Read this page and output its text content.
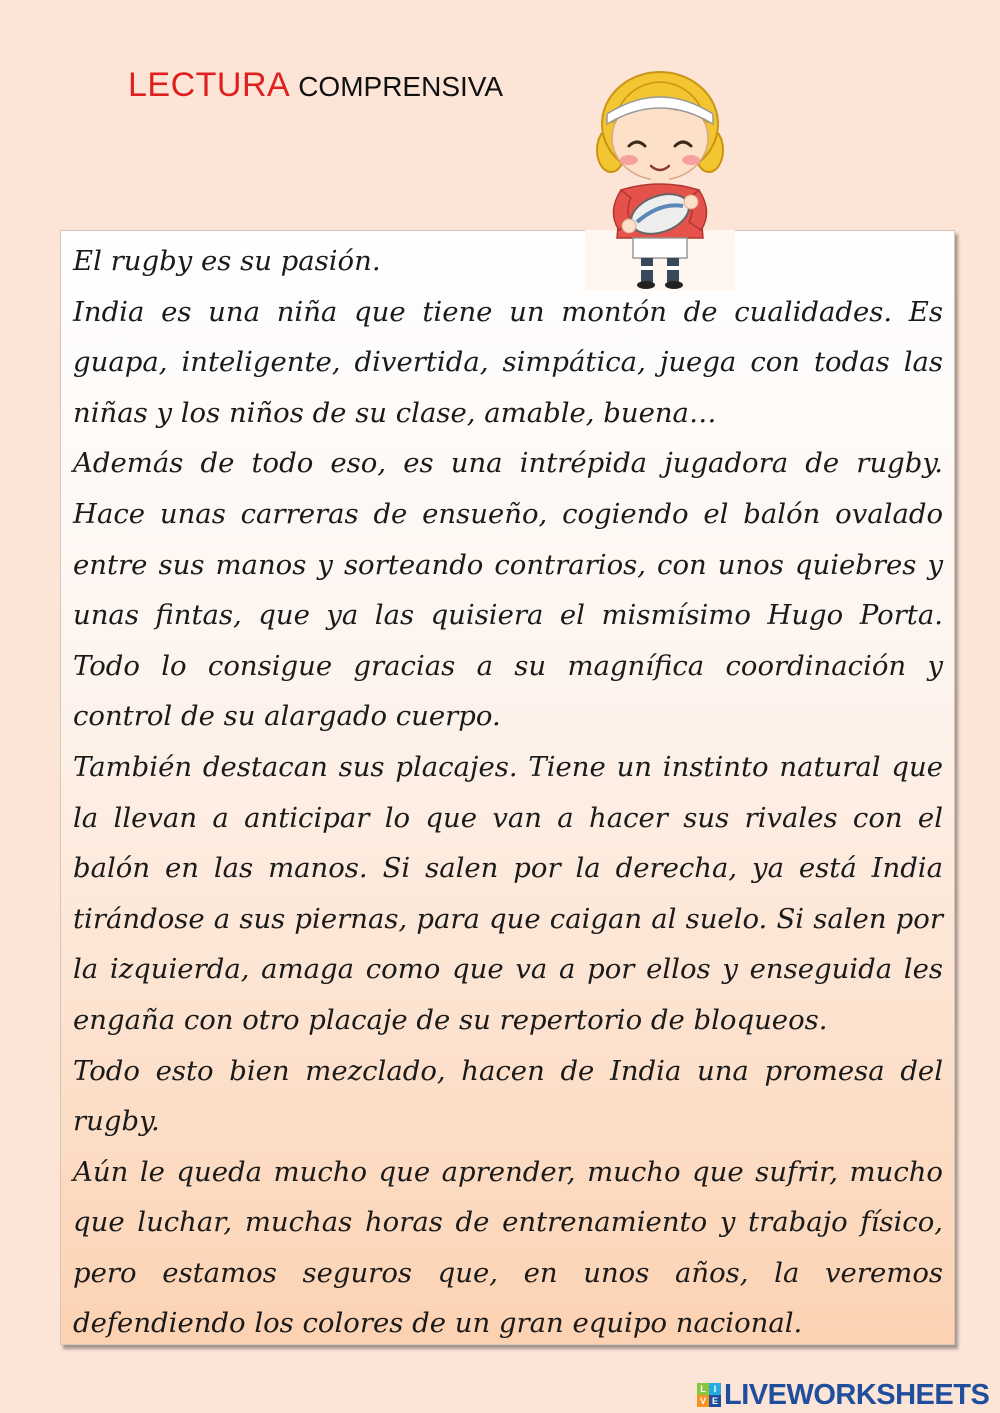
LECTURA COMPRENSIVA

El rugby es su pasión.

India es una niña que tiene un montón de cualidades. Es guapa, inteligente, divertida, simpática, juega con todas las niñas y los niños de su clase, amable, buena…

Además de todo eso, es una intrépida jugadora de rugby. Hace unas carreras de ensueño, cogiendo el balón ovalado entre sus manos y sorteando contrarios, con unos quiebres y unas fintas, que ya las quisiera el mismísimo Hugo Porta. Todo lo consigue gracias a su magnífica coordinación y control de su alargado cuerpo.

También destacan sus placajes. Tiene un instinto natural que la llevan a anticipar lo que van a hacer sus rivales con el balón en las manos. Si salen por la derecha, ya está India tirándose a sus piernas, para que caigan al suelo. Si salen por la izquierda, amaga como que va a por ellos y enseguida les engaña con otro placaje de su repertorio de bloqueos.

Todo esto bien mezclado, hacen de India una promesa del rugby.

Aún le queda mucho que aprender, mucho que sufrir, mucho que luchar, muchas horas de entrenamiento y trabajo físico, pero estamos seguros que, en unos años, la veremos defendiendo los colores de un gran equipo nacional.

L I
V E LIVEWORKSHEETS
